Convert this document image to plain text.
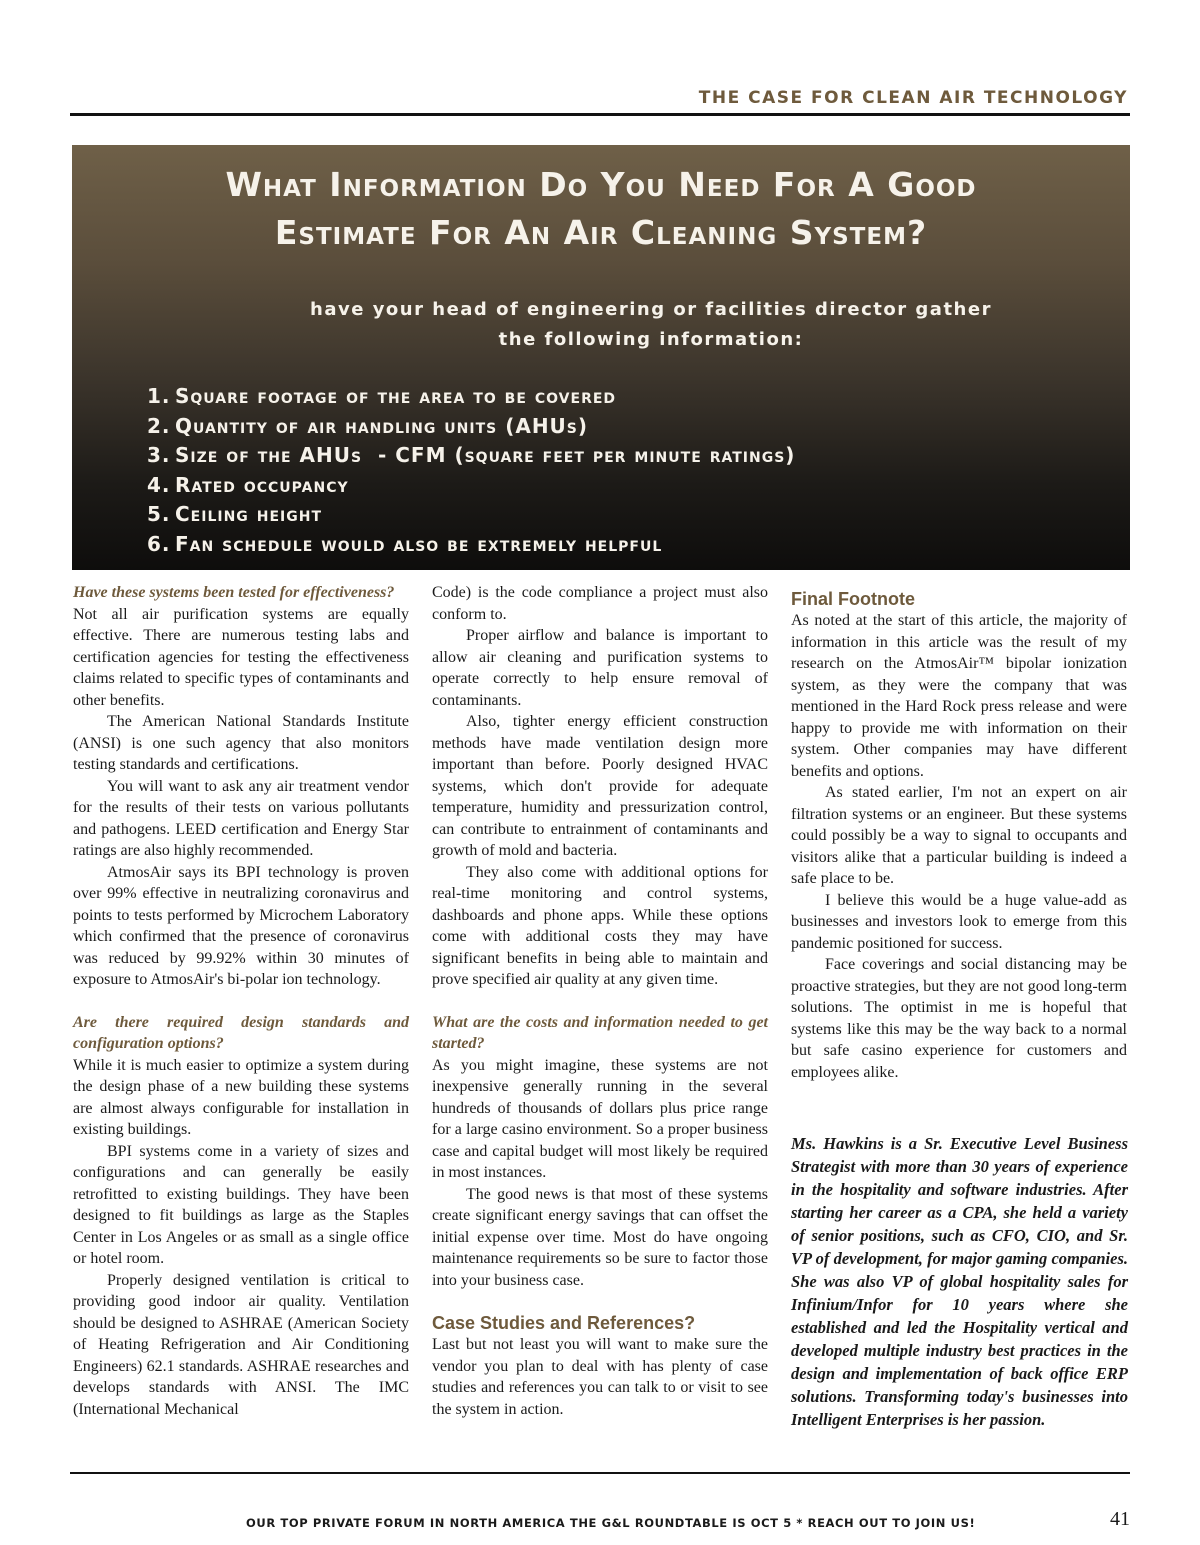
THE CASE FOR CLEAN AIR TECHNOLOGY
What Information Do You Need For A Good
Estimate For An Air Cleaning System?
have your head of engineering or facilities director gather
the following information:
1. Square footage of the area to be covered
2. Quantity of air handling units (AHUs)
3. Size of the AHUs  - CFM (square feet per minute ratings)
4. Rated occupancy
5. Ceiling height
6. Fan schedule would also be extremely helpful

Have these systems been tested for effectiveness?

Not all air purification systems are equally effective. There are numerous testing labs and certification agencies for testing the effectiveness claims related to specific types of contaminants and other benefits.

The American National Standards Institute (ANSI) is one such agency that also monitors testing standards and certifications.

You will want to ask any air treatment vendor for the results of their tests on various pollutants and pathogens. LEED certification and Energy Star ratings are also highly recommended.

AtmosAir says its BPI technology is proven over 99% effective in neutralizing coronavirus and points to tests performed by Microchem Laboratory which confirmed that the presence of coronavirus was reduced by 99.92% within 30 minutes of exposure to AtmosAir's bi-polar ion technology.

Are there required design standards and configuration options?

While it is much easier to optimize a system during the design phase of a new building these systems are almost always configurable for installation in existing buildings.

BPI systems come in a variety of sizes and configurations and can generally be easily retrofitted to existing buildings. They have been designed to fit buildings as large as the Staples Center in Los Angeles or as small as a single office or hotel room.

Properly designed ventilation is critical to providing good indoor air quality. Ventilation should be designed to ASHRAE (American Society of Heating Refrigeration and Air Conditioning Engineers) 62.1 standards. ASHRAE researches and develops standards with ANSI. The IMC (International Mechanical

Code) is the code compliance a project must also conform to.

Proper airflow and balance is important to allow air cleaning and purification systems to operate correctly to help ensure removal of contaminants.

Also, tighter energy efficient construction methods have made ventilation design more important than before. Poorly designed HVAC systems, which don't provide for adequate temperature, humidity and pressurization control, can contribute to entrainment of contaminants and growth of mold and bacteria.

They also come with additional options for real-time monitoring and control systems, dashboards and phone apps. While these options come with additional costs they may have significant benefits in being able to maintain and prove specified air quality at any given time.

What are the costs and information needed to get started?

As you might imagine, these systems are not inexpensive generally running in the several hundreds of thousands of dollars plus price range for a large casino environment. So a proper business case and capital budget will most likely be required in most instances.

The good news is that most of these systems create significant energy savings that can offset the initial expense over time. Most do have ongoing maintenance requirements so be sure to factor those into your business case.

Case Studies and References?

Last but not least you will want to make sure the vendor you plan to deal with has plenty of case studies and references you can talk to or visit to see the system in action.

Final Footnote

As noted at the start of this article, the majority of information in this article was the result of my research on the AtmosAir™ bipolar ionization system, as they were the company that was mentioned in the Hard Rock press release and were happy to provide me with information on their system. Other companies may have different benefits and options.

As stated earlier, I'm not an expert on air filtration systems or an engineer. But these systems could possibly be a way to signal to occupants and visitors alike that a particular building is indeed a safe place to be.

I believe this would be a huge value-add as businesses and investors look to emerge from this pandemic positioned for success.

Face coverings and social distancing may be proactive strategies, but they are not good long-term solutions. The optimist in me is hopeful that systems like this may be the way back to a normal but safe casino experience for customers and employees alike.

Ms. Hawkins is a Sr. Executive Level Business Strategist with more than 30 years of experience in the hospitality and software industries. After starting her career as a CPA, she held a variety of senior positions, such as CFO, CIO, and Sr. VP of development, for major gaming companies. She was also VP of global hospitality sales for Infinium/Infor for 10 years where she established and led the Hospitality vertical and developed multiple industry best practices in the design and implementation of back office ERP solutions. Transforming today's businesses into Intelligent Enterprises is her passion.

OUR TOP PRIVATE FORUM IN NORTH AMERICA THE G&L ROUNDTABLE IS OCT 5 * REACH OUT TO JOIN US!	41
